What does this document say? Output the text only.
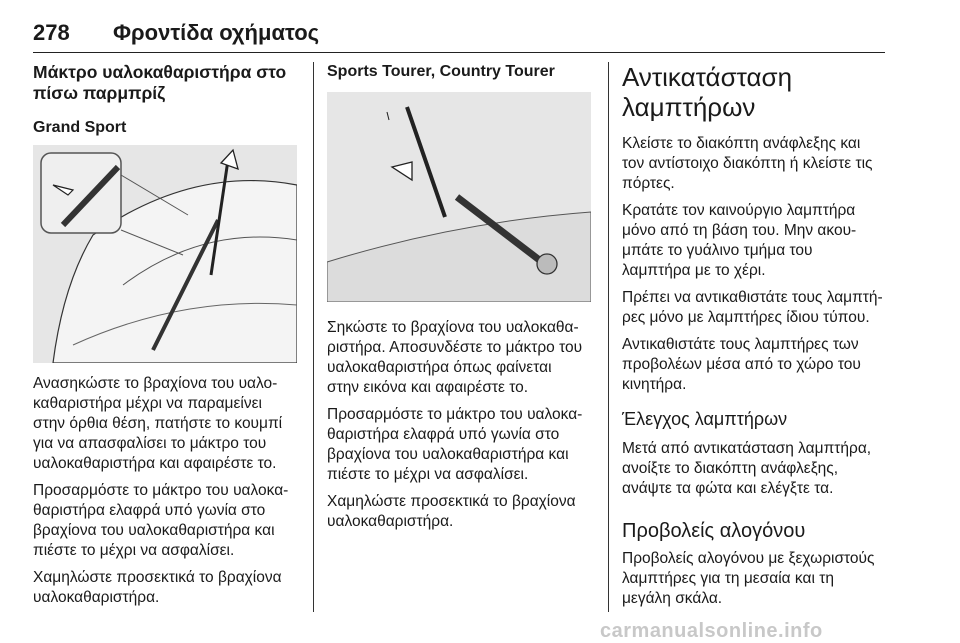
278 Φροντίδα οχήματος
Μάκτρο υαλοκαθαριστήρα στο
πίσω παρμπρίζ
Grand Sport

Ανασηκώστε το βραχίονα του υαλο-
καθαριστήρα μέχρι να παραμείνει
στην όρθια θέση, πατήστε το κουμπί
για να απασφαλίσει το μάκτρο του
υαλοκαθαριστήρα και αφαιρέστε το.

Προσαρμόστε το μάκτρο του υαλοκα-
θαριστήρα ελαφρά υπό γωνία στο
βραχίονα του υαλοκαθαριστήρα και
πιέστε το μέχρι να ασφαλίσει.

Χαμηλώστε προσεκτικά το βραχίονα
υαλοκαθαριστήρα.

Sports Tourer, Country Tourer

Σηκώστε το βραχίονα του υαλοκαθα-
ριστήρα. Αποσυνδέστε το μάκτρο του
υαλοκαθαριστήρα όπως φαίνεται
στην εικόνα και αφαιρέστε το.

Προσαρμόστε το μάκτρο του υαλοκα-
θαριστήρα ελαφρά υπό γωνία στο
βραχίονα του υαλοκαθαριστήρα και
πιέστε το μέχρι να ασφαλίσει.

Χαμηλώστε προσεκτικά το βραχίονα
υαλοκαθαριστήρα.

Αντικατάσταση
λαμπτήρων

Κλείστε το διακόπτη ανάφλεξης και
τον αντίστοιχο διακόπτη ή κλείστε τις
πόρτες.

Κρατάτε τον καινούργιο λαμπτήρα
μόνο από τη βάση του. Μην ακου-
μπάτε το γυάλινο τμήμα του
λαμπτήρα με το χέρι.

Πρέπει να αντικαθιστάτε τους λαμπτή-
ρες μόνο με λαμπτήρες ίδιου τύπου.

Αντικαθιστάτε τους λαμπτήρες των
προβολέων μέσα από το χώρο του
κινητήρα.

Έλεγχος λαμπτήρων

Μετά από αντικατάσταση λαμπτήρα,
ανοίξτε το διακόπτη ανάφλεξης,
ανάψτε τα φώτα και ελέγξτε τα.

Προβολείς αλογόνου

Προβολείς αλογόνου με ξεχωριστούς
λαμπτήρες για τη μεσαία και τη
μεγάλη σκάλα.

carmanualsonline.info
